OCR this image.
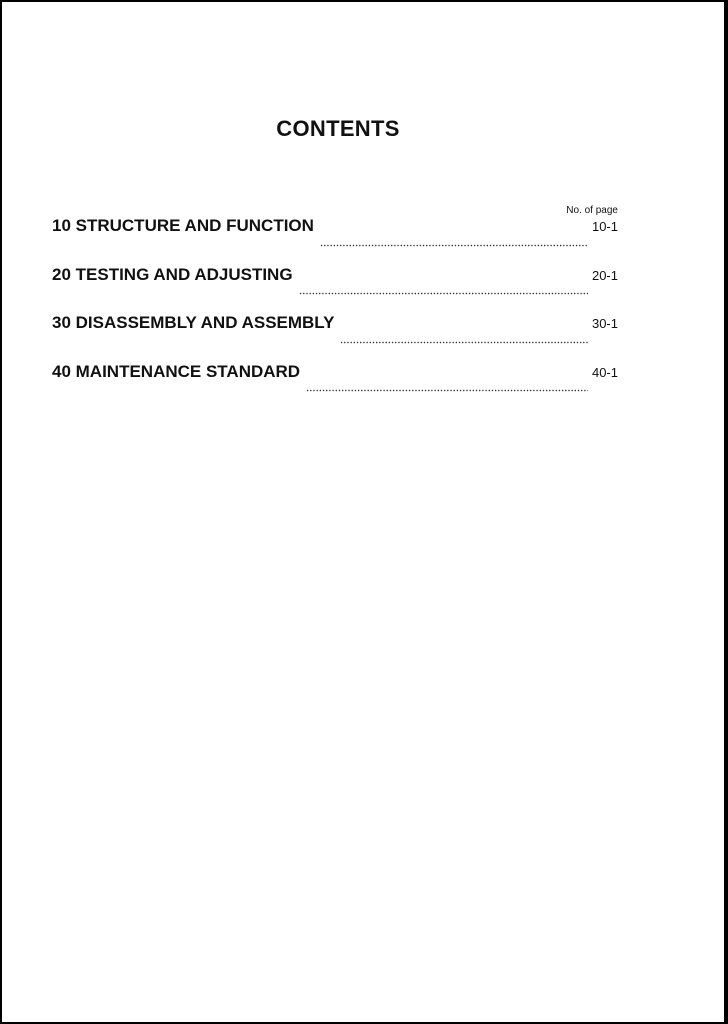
CONTENTS
No. of page
10 STRUCTURE AND FUNCTION	10-1
20 TESTING AND ADJUSTING	20-1
30 DISASSEMBLY AND ASSEMBLY	30-1
40 MAINTENANCE STANDARD	40-1
